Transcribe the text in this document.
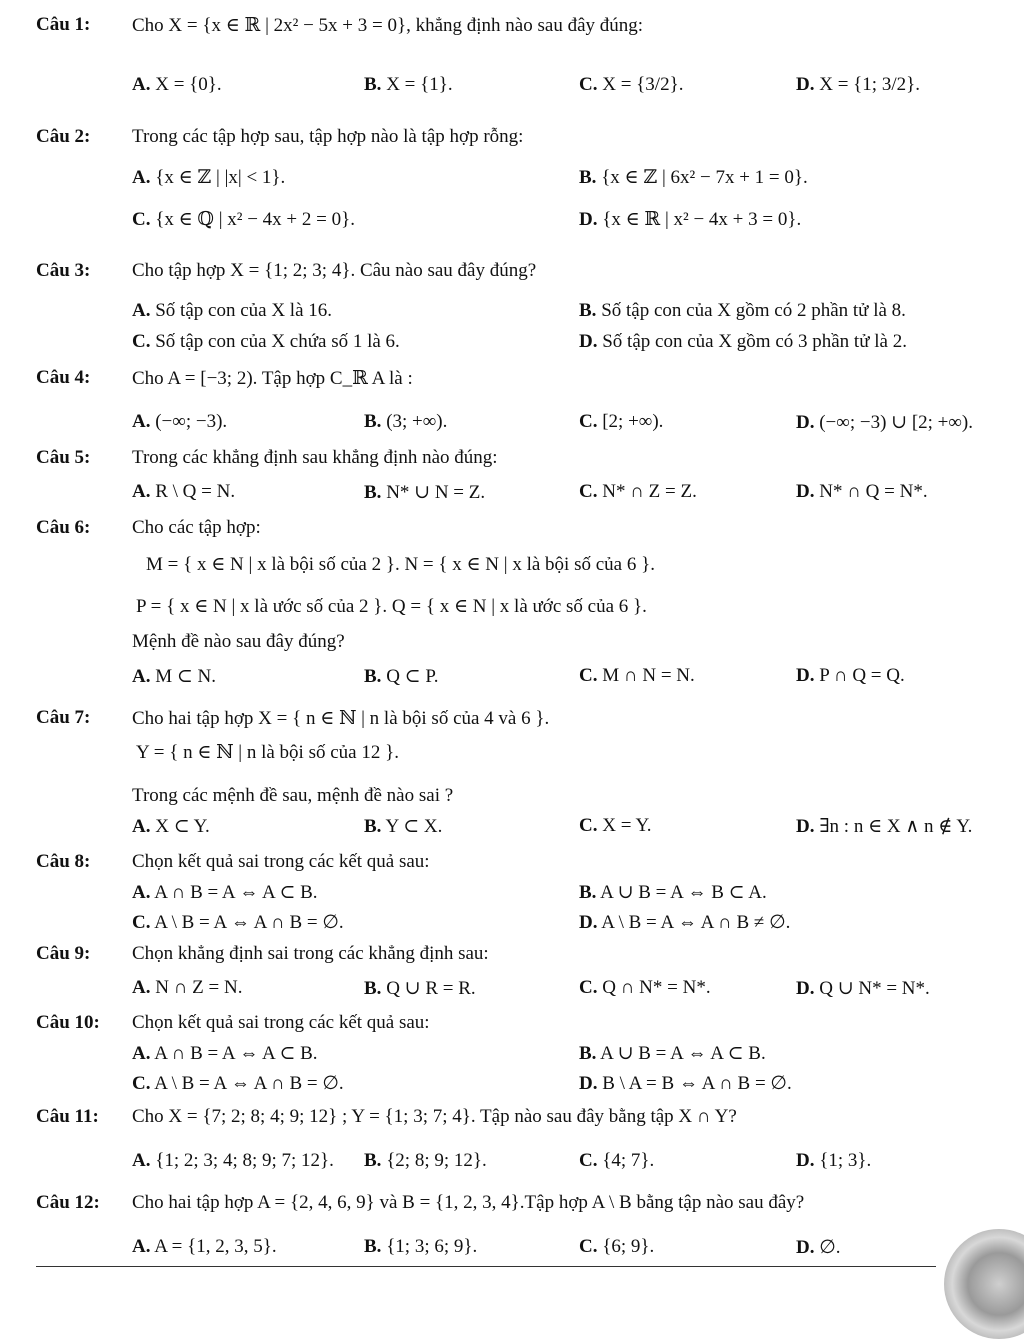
Câu 1: Cho X = {x ∈ ℝ | 2x² − 5x + 3 = 0}, khẳng định nào sau đây đúng:
A. X = {0}.	B. X = {1}.	C. X = {3/2}.	D. X = {1; 3/2}.
Câu 2: Trong các tập hợp sau, tập hợp nào là tập hợp rỗng:
A. {x ∈ ℤ | |x| < 1}.	B. {x ∈ ℤ | 6x² − 7x + 1 = 0}.
C. {x ∈ ℚ | x² − 4x + 2 = 0}.	D. {x ∈ ℝ | x² − 4x + 3 = 0}.
Câu 3: Cho tập hợp X = {1; 2; 3; 4}. Câu nào sau đây đúng?
A. Số tập con của X là 16.	B. Số tập con của X gồm có 2 phần tử là 8.
C. Số tập con của X chứa số 1 là 6.	D. Số tập con của X gồm có 3 phần tử là 2.
Câu 4: Cho A = [−3; 2). Tập hợp C_ℝ A là :
A. (−∞; −3).	B. (3; +∞).	C. [2; +∞).	D. (−∞; −3) ∪ [2; +∞).
Câu 5: Trong các khẳng định sau khẳng định nào đúng:
A. R \ Q = N.	B. N* ∪ N = Z.	C. N* ∩ Z = Z.	D. N* ∩ Q = N*.
Câu 6: Cho các tập hợp:
M = { x ∈ N | x là bội số của 2 }. N = { x ∈ N | x là bội số của 6 }.
P = { x ∈ N | x là ước số của 2 }. Q = { x ∈ N | x là ước số của 6 }.
Mệnh đề nào sau đây đúng?
A. M ⊂ N.	B. Q ⊂ P.	C. M ∩ N = N.	D. P ∩ Q = Q.
Câu 7: Cho hai tập hợp X = { n ∈ ℕ | n là bội số của 4 và 6 }.
Y = { n ∈ ℕ | n là bội số của 12 }.
Trong các mệnh đề sau, mệnh đề nào sai ?
A. X ⊂ Y.	B. Y ⊂ X.	C. X = Y.	D. ∃n : n ∈ X ∧ n ∉ Y.
Câu 8: Chọn kết quả sai trong các kết quả sau:
A. A ∩ B = A ⇔ A ⊂ B.	B. A ∪ B = A ⇔ B ⊂ A.
C. A \ B = A ⇔ A ∩ B = ∅.	D. A \ B = A ⇔ A ∩ B ≠ ∅.
Câu 9: Chọn khẳng định sai trong các khẳng định sau:
A. N ∩ Z = N.	B. Q ∪ R = R.	C. Q ∩ N* = N*.	D. Q ∪ N* = N*.
Câu 10: Chọn kết quả sai trong các kết quả sau:
A. A ∩ B = A ⇔ A ⊂ B.	B. A ∪ B = A ⇔ A ⊂ B.
C. A \ B = A ⇔ A ∩ B = ∅.	D. B \ A = B ⇔ A ∩ B = ∅.
Câu 11: Cho X = {7; 2; 8; 4; 9; 12} ; Y = {1; 3; 7; 4}. Tập nào sau đây bằng tập X ∩ Y?
A. {1; 2; 3; 4; 8; 9; 7; 12}. B. {2; 8; 9; 12}.	C. {4; 7}.	D. {1; 3}.
Câu 12: Cho hai tập hợp A = {2, 4, 6, 9} và B = {1, 2, 3, 4}.Tập hợp A \ B bằng tập nào sau đây?
A. A = {1, 2, 3, 5}.	B. {1; 3; 6; 9}.	C. {6; 9}.	D. ∅.
